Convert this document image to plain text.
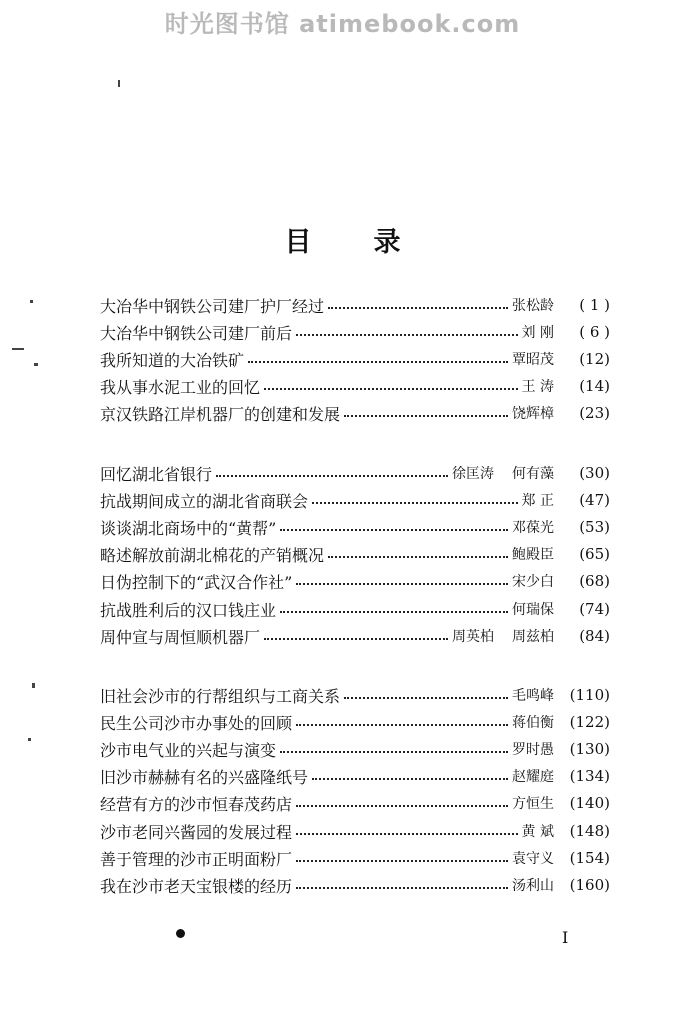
时光图书馆 atimebook.com
目 录
大冶华中钢铁公司建厂护厂经过	张松龄	( 1 )
大冶华中钢铁公司建厂前后	刘 刚	( 6 )
我所知道的大冶铁矿	覃昭茂	(12)
我从事水泥工业的回忆	王 涛	(14)
京汉铁路江岸机器厂的创建和发展	饶辉樟	(23)
回忆湖北省银行	徐匡涛 何有藻	(30)
抗战期间成立的湖北省商联会	郑 正	(47)
谈谈湖北商场中的“黄帮”	邓葆光	(53)
略述解放前湖北棉花的产销概况	鲍殿臣	(65)
日伪控制下的“武汉合作社”	宋少白	(68)
抗战胜利后的汉口钱庄业	何瑞保	(74)
周仲宣与周恒顺机器厂	周英柏 周兹柏	(84)
旧社会沙市的行帮组织与工商关系	毛鸣峰	(110)
民生公司沙市办事处的回顾	蒋伯衡	(122)
沙市电气业的兴起与演变	罗时愚	(130)
旧沙市赫赫有名的兴盛隆纸号	赵耀庭	(134)
经营有方的沙市恒春茂药店	方恒生	(140)
沙市老同兴酱园的发展过程	黄 斌	(148)
善于管理的沙市正明面粉厂	袁守义	(154)
我在沙市老天宝银楼的经历	汤利山	(160)
I
